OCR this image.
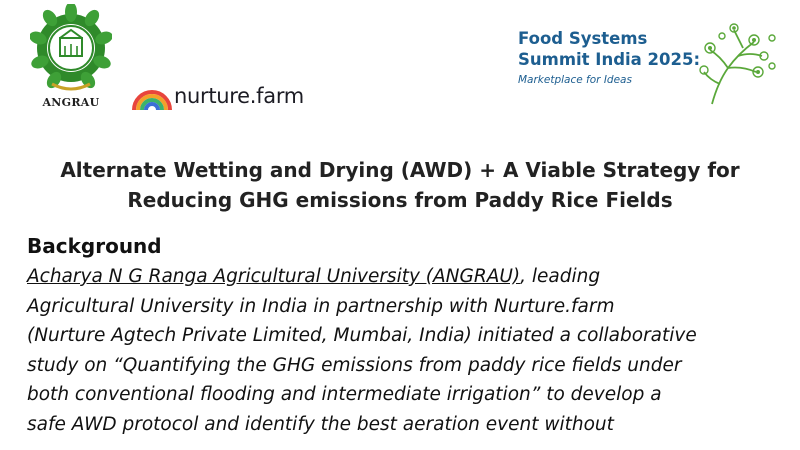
ANGRAU	nurture.farm
Food Systems
Summit India 2025:
Marketplace for Ideas
Alternate Wetting and Drying (AWD) + A Viable Strategy for
Reducing GHG emissions from Paddy Rice Fields
Background
Acharya N G Ranga Agricultural University (ANGRAU), leading
Agricultural University in India in partnership with Nurture.farm
(Nurture Agtech Private Limited, Mumbai, India) initiated a collaborative
study on “Quantifying the GHG emissions from paddy rice fields under
both conventional flooding and intermediate irrigation” to develop a
safe AWD protocol and identify the best aeration event without
